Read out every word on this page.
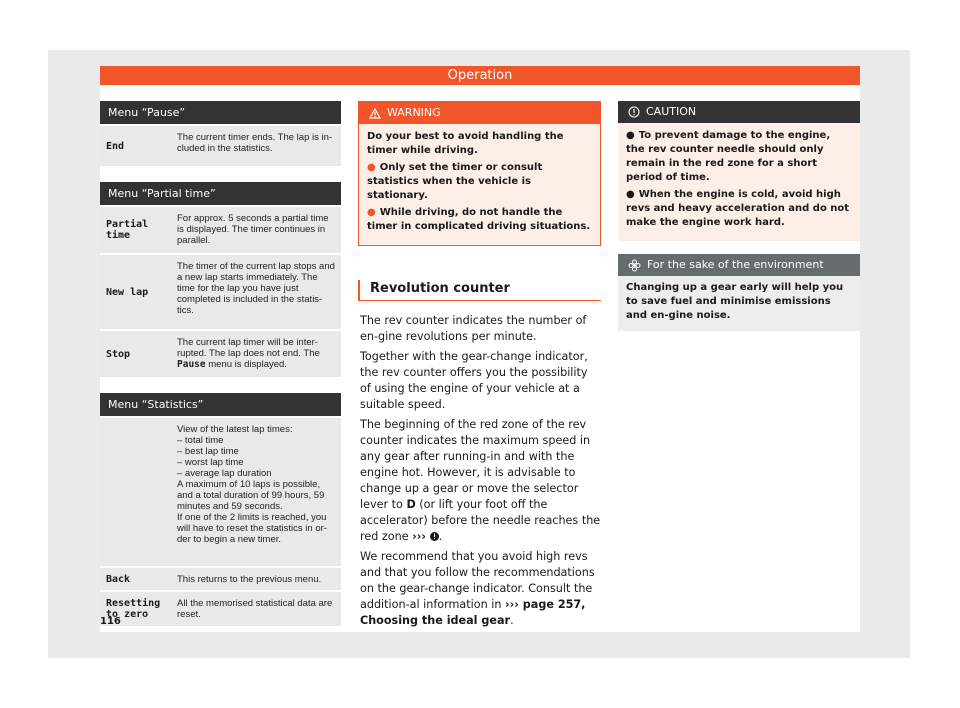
Operation
Menu “Pause”
End
The current timer ends. The lap is in-cluded in the statistics.
Menu “Partial time”
Partial time
For approx. 5 seconds a partial time is displayed. The timer continues in parallel.
New lap
The timer of the current lap stops and a new lap starts immediately. The time for the lap you have just completed is included in the statis-tics.
Stop
The current lap timer will be inter-rupted. The lap does not end. The Pause menu is displayed.
Menu “Statistics”
View of the latest lap times:
– total time
– best lap time
– worst lap time
– average lap duration
A maximum of 10 laps is possible, and a total duration of 99 hours, 59 minutes and 59 seconds.
If one of the 2 limits is reached, you will have to reset the statistics in or-der to begin a new timer.
Back	This returns to the previous menu.
Resetting to zero
All the memorised statistical data are reset.
WARNING

Do your best to avoid handling the timer while driving.

● Only set the timer or consult statistics when the vehicle is stationary.

● While driving, do not handle the timer in complicated driving situations.

Revolution counter

The rev counter indicates the number of en-gine revolutions per minute.

Together with the gear-change indicator, the rev counter offers you the possibility of using the engine of your vehicle at a suitable speed.

The beginning of the red zone of the rev counter indicates the maximum speed in any gear after running-in and with the engine hot. However, it is advisable to change up a gear or move the selector lever to D (or lift your foot off the accelerator) before the needle reaches the red zone ››› .

We recommend that you avoid high revs and that you follow the recommendations on the gear-change indicator. Consult the addition-al information in ››› page 257, Choosing the ideal gear.

CAUTION

● To prevent damage to the engine, the rev counter needle should only remain in the red zone for a short period of time.

● When the engine is cold, avoid high revs and heavy acceleration and do not make the engine work hard.

For the sake of the environment
Changing up a gear early will help you to save fuel and minimise emissions and en-gine noise.
116
